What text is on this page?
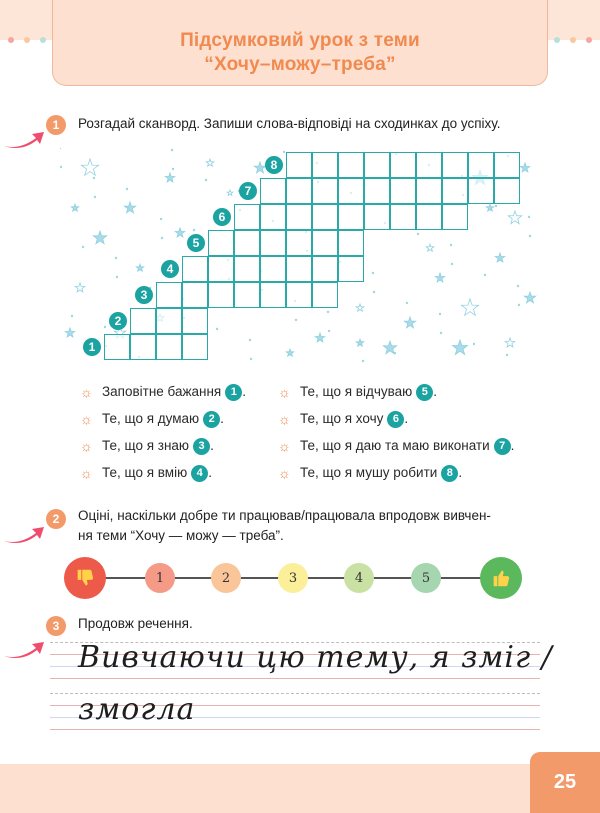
Підсумковий урок з теми
“Хочу–можу–треба”
1	Розгадай сканворд. Запиши слова-відповіді на сходинках до успіху.
1
2
3
4
5
6
7
8
☼ Заповітне бажання 1 .
☼ Те, що я думаю 2 .
☼ Те, що я знаю 3 .
☼ Те, що я вмію 4 .
☼ Те, що я відчуваю 5 .
☼ Те, що я хочу 6 .
☼ Те, що я даю та маю виконати 7 .
☼ Те, що я мушу робити 8 .
2	Оціні, наскільки добре ти працював/працювала впродовж вивчен-
ня теми “Хочу — можу — треба”.
1	2	3	4	5
3	Продовж речення.
Вивчаючи цю тему, я зміг /
змогла
25
